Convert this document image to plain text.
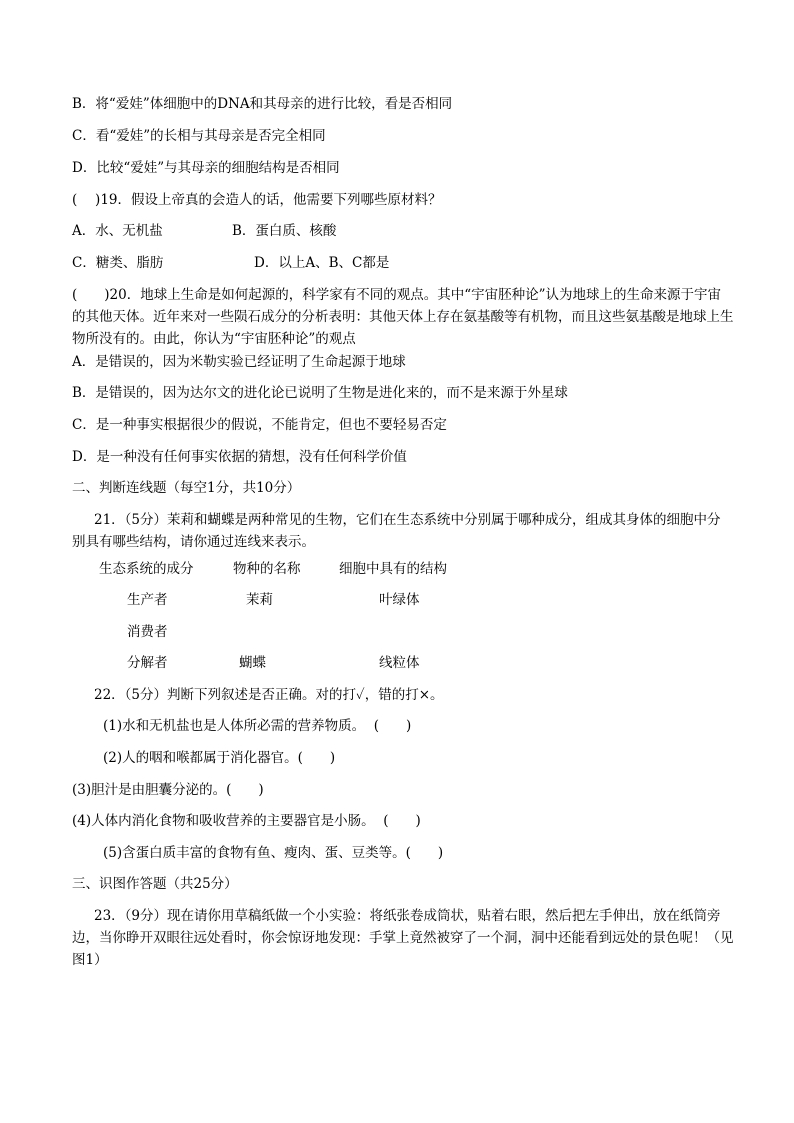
B．将“爱娃”体细胞中的DNA和其母亲的进行比较，看是否相同
C．看“爱娃”的长相与其母亲是否完全相同
D．比较“爱娃”与其母亲的细胞结构是否相同
(　 )19．假设上帝真的会造人的话，他需要下列哪些原材料？
A．水、无机盐	B．蛋白质、核酸
C．糖类、脂肪	D．以上A、B、C都是
(　　)20．地球上生命是如何起源的，科学家有不同的观点。其中“宇宙胚种论”认为地球上的生命来源于宇宙的其他天体。近年来对一些陨石成分的分析表明：其他天体上存在氨基酸等有机物，而且这些氨基酸是地球上生物所没有的。由此，你认为“宇宙胚种论”的观点
A．是错误的，因为米勒实验已经证明了生命起源于地球
B．是错误的，因为达尔文的进化论已说明了生物是进化来的，而不是来源于外星球
C．是一种事实根据很少的假说，不能肯定，但也不要轻易否定
D．是一种没有任何事实依据的猜想，没有任何科学价值
二、判断连线题（每空1分，共10分）
21．（5分）茉莉和蝴蝶是两种常见的生物，它们在生态系统中分别属于哪种成分，组成其身体的细胞中分别具有哪些结构，请你通过连线来表示。
生态系统的成分	物种的名称	细胞中具有的结构
生产者	茉莉	叶绿体
消费者
分解者	蝴蝶	线粒体
22．（5分）判断下列叙述是否正确。对的打✓，错的打×。
(1)水和无机盐也是人体所必需的营养物质。  (　　)
(2)人的咽和喉都属于消化器官。(　　)
(3)胆汁是由胆囊分泌的。(　　)
(4)人体内消化食物和吸收营养的主要器官是小肠。  (　　)
(5)含蛋白质丰富的食物有鱼、瘦肉、蛋、豆类等。(　　)
三、识图作答题（共25分）
23．（9分）现在请你用草稿纸做一个小实验：将纸张卷成筒状，贴着右眼，然后把左手伸出，放在纸筒旁边，当你睁开双眼往远处看时，你会惊讶地发现：手掌上竟然被穿了一个洞，洞中还能看到远处的景色呢！（见图1）
